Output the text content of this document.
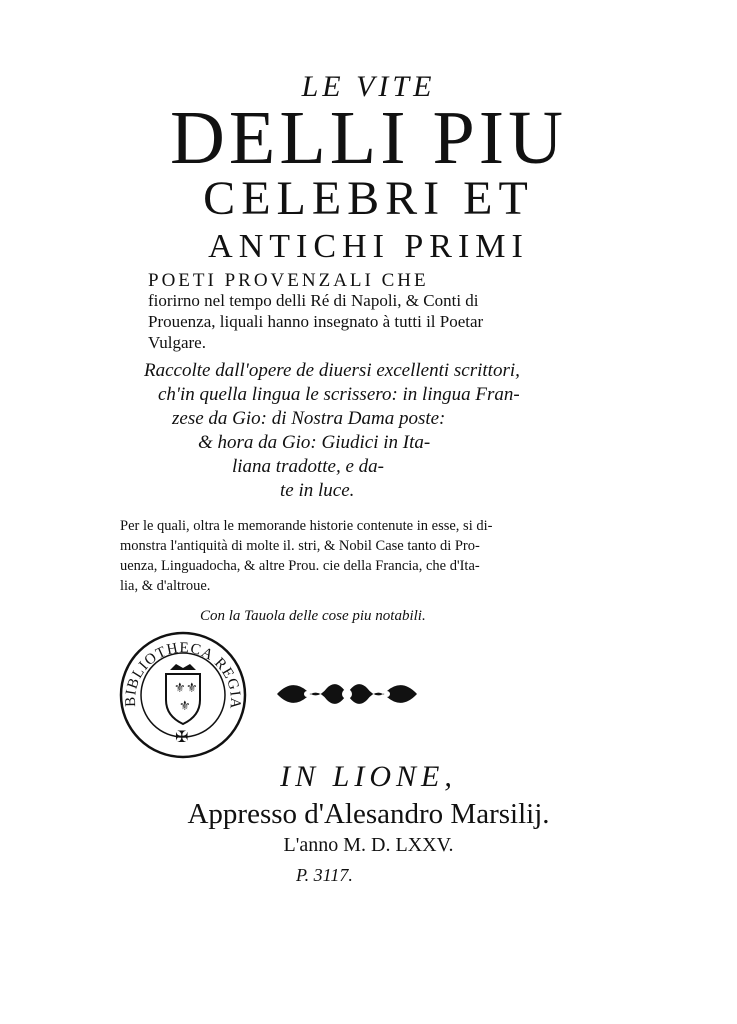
LE VITE
DELLI PIU
CELEBRI ET
ANTICHI PRIMI
POETI PROVENZALI CHE
fiorirno nel tempo delli Ré di Napoli, & Conti di
Prouenza, liquali hanno insegnato à tutti il Poetar
Vulgare.
Raccolte dall'opere de diuersi excellenti scrittori,
ch'in quella lingua le scrissero: in lingua Fran-
zese da Gio: di Nostra Dama poste:
& hora da Gio: Giudici in Ita-
liana tradotte, e da-
te in luce.
Per le quali, oltra le memorande historie contenute in esse, si di-
monstra l'antiquità di molte il. stri, & Nobil Case tanto di Pro-
uenza, Linguadocha, & altre Prou. cie della Francia, che d'Ita-
lia, & d'altroue.
Con la Tauola delle cose piu notabili.
BIBLIOTHECA REGIA
⚜ ⚜
⚜
✠
IN LIONE,
Appresso d'Alesandro Marsilij.
L'anno M. D. LXXV.
P. 3117.
